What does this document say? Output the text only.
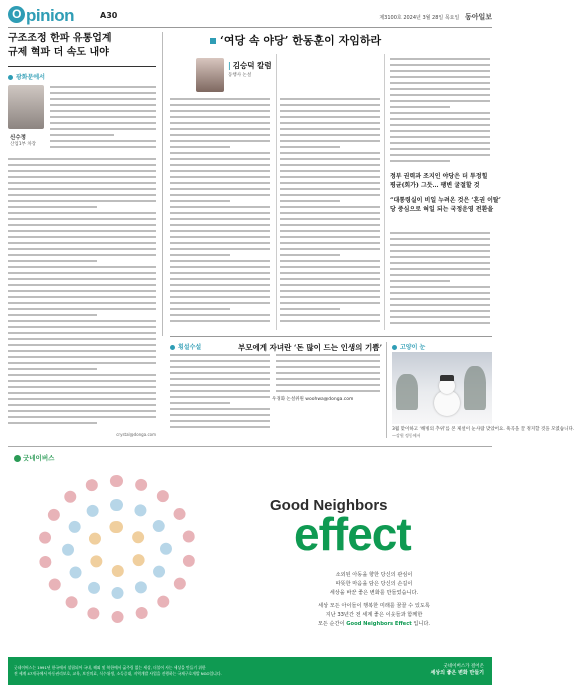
O pinion	A30	제3100호 2024년 3월 28일 목요일 동아일보
구조조정 한파 유통업계
규제 혁파 더 속도 내야
광화문에서
신수정
산업1부 차장
crystal@donga.com
‘여당 속 야당’ 한동훈이 자임하라
| 김승덕 칼럼
동행사 논설
정부 권력과 조지인 야당은 더 투정힐
평균(회가) 그듯… 팽변 굴절할 것
“대통령실이 비일 누려온 것은 ‘혼권 이탈’
당 중심으로 혀일 되는 국정운영 전환을
횡설수설	부모에게 자녀란 ‘돈 많이 드는 인생의 기쁨’
우경화 논설위원 woohwa@donga.com
고양이 눈
3월 맞이하고 ‘해빙의 추위’를 본 제설이 눈사람 맞았어요. 흑곡을 끌 정지할 것을 모였습니다.
—강원 정동에서
굿네이버스
Good Neighbors
effect
소외된 아동을 향한 당신의 관심이
따뜻한 마음을 담은 당신의 손길이
세상을 바꾼 좋은 변화를 만들었습니다.
세상 모든 아이들이 행복한 미래를 꿈꿀 수 있도록
지난 33년간 전 세계 좋은 이웃들과 함께한
모든 순간이 Good Neighbors Effect 입니다.
굿네이버스는 1991년 한국에서 설립되어 국내, 해외 및 북한에서 굶주림 없는 세상, 더불어 사는 세상을 만들기 위한
전 세계 47개국에서 아동권리보호, 교육, 보건의료, 식수위생, 소득증대, 지역개발 사업을 진행하는 국제구호개발 NGO입니다.
굿네이버스가 걸어온
세상의 좋은 변화 만들기
